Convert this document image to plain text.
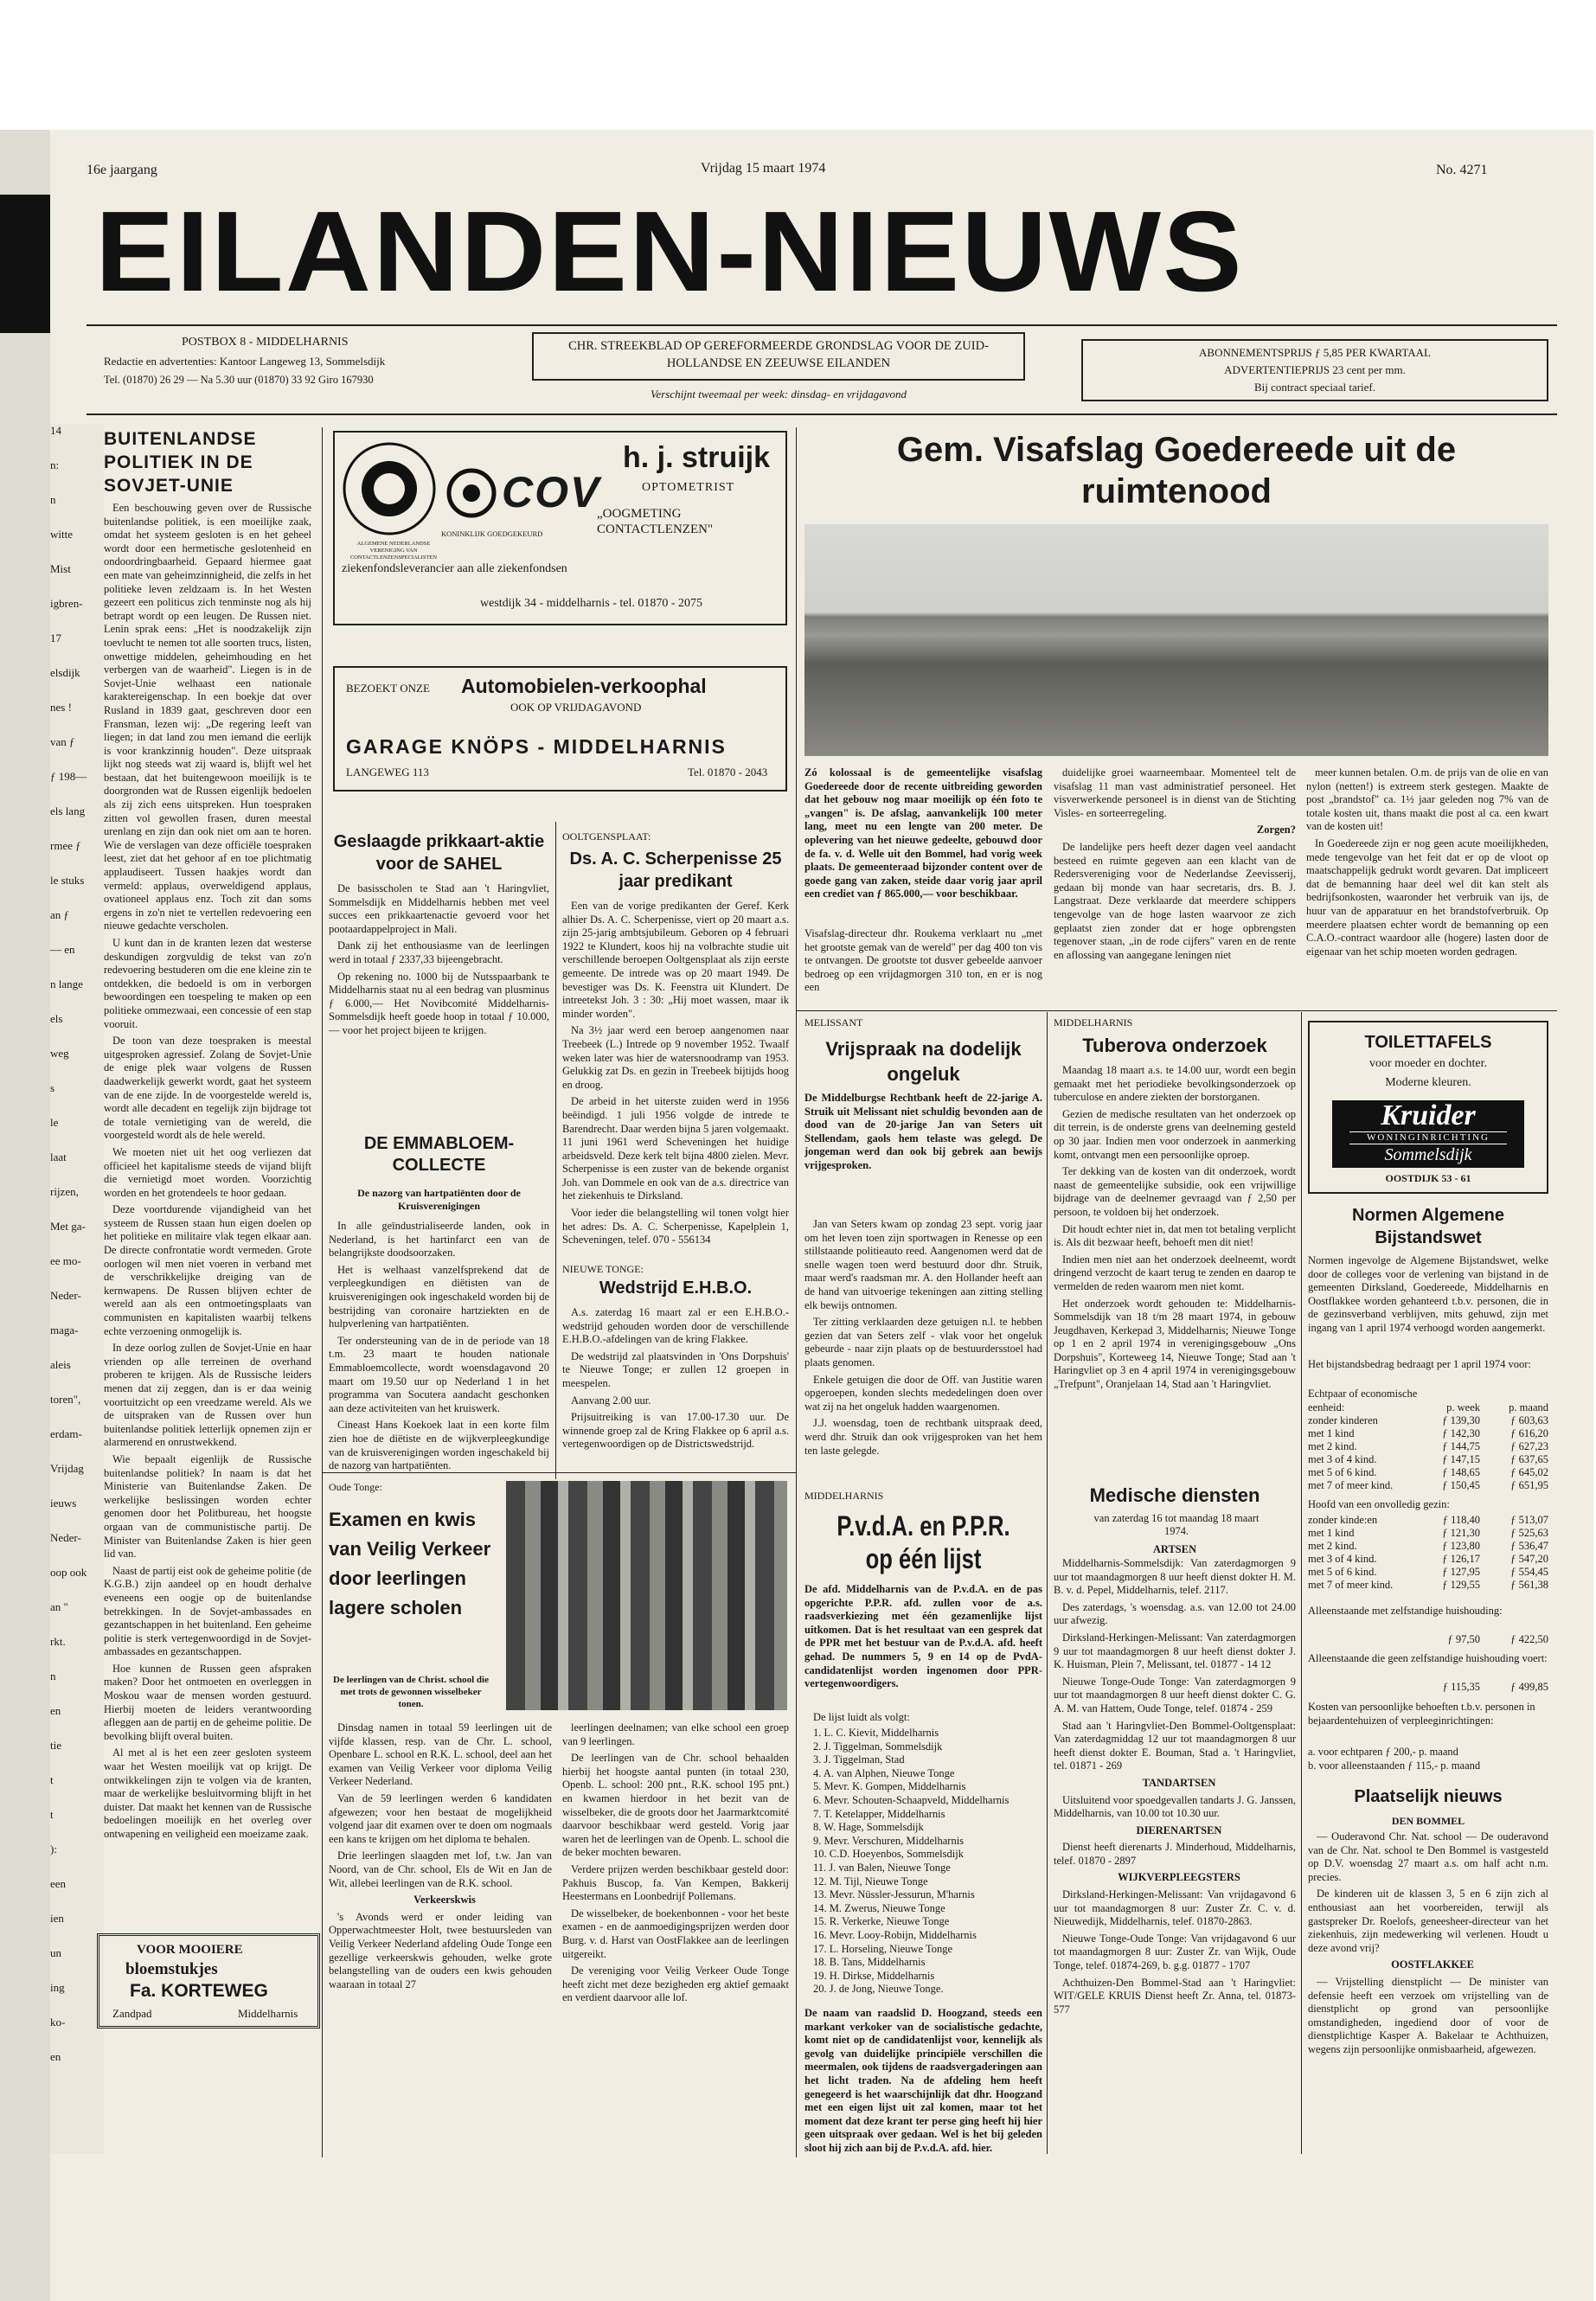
14
n:
n
witte
Mist
igbren-
17
elsdijk
nes !
van ƒ
ƒ 198—
els lang
rmee ƒ
le stuks
an ƒ
— en
n lange
els
weg
s
le
laat
rijzen,
Met ga-
ee mo-
Neder-
maga-
aleis
toren",
erdam-
Vrijdag
ieuws
Neder-
oop ook
an "
rkt.
n
en
tie
t
t
):
een
ien
un
ing
ko-
en
16e jaargang	Vrijdag 15 maart 1974	No. 4271
EILANDEN-NIEUWS
POSTBOX 8 - MIDDELHARNIS
Redactie en advertenties: Kantoor Langeweg 13, Sommelsdijk
Tel. (01870) 26 29 — Na 5.30 uur (01870) 33 92 Giro 167930
CHR. STREEKBLAD OP GEREFORMEERDE GRONDSLAG VOOR DE ZUID-HOLLANDSE EN ZEEUWSE EILANDEN
Verschijnt tweemaal per week: dinsdag- en vrijdagavond
ABONNEMENTSPRIJS ƒ 5,85 PER KWARTAAL
ADVERTENTIEPRIJS 23 cent per mm.
Bij contract speciaal tarief.
BUITENLANDSE POLITIEK IN DE SOVJET-UNIE

Een beschouwing geven over de Russische buitenlandse politiek, is een moeilijke zaak, omdat het systeem gesloten is en het geheel wordt door een hermetische geslotenheid en ondoordringbaarheid. Gepaard hiermee gaat een mate van geheimzinnigheid, die zelfs in het politieke leven zeldzaam is. In het Westen gezeert een politicus zich tenminste nog als hij betrapt wordt op een leugen. De Russen niet. Lenin sprak eens: „Het is noodzakelijk zijn toevlucht te nemen tot alle soorten trucs, listen, onwettige middelen, geheimhouding en het verbergen van de waarheid". Liegen is in de Sovjet-Unie welhaast een nationale karaktereigenschap. In een boekje dat over Rusland in 1839 gaat, geschreven door een Fransman, lezen wij: „De regering leeft van liegen; in dat land zou men iemand die eerlijk is voor krankzinnig houden". Deze uitspraak lijkt nog steeds wat zij waard is, blijft wel het bestaan, dat het buitengewoon moeilijk is te doorgronden wat de Russen eigenlijk bedoelen als zij zich eens uitspreken. Hun toespraken zitten vol gewollen frasen, duren meestal urenlang en zijn dan ook niet om aan te horen. Wie de verslagen van deze officiële toespraken leest, ziet dat het gehoor af en toe plichtmatig applaudiseert. Tussen haakjes wordt dan vermeld: applaus, overweldigend applaus, ovationeel applaus enz. Toch zit dan soms ergens in zo'n niet te vertellen redevoering een nieuwe gedachte verscholen.

U kunt dan in de kranten lezen dat westerse deskundigen zorgvuldig de tekst van zo'n redevoering bestuderen om die ene kleine zin te ontdekken, die bedoeld is om in verborgen bewoordingen een toespeling te maken op een politieke ommezwaai, een concessie of een stap vooruit.

De toon van deze toespraken is meestal uitgesproken agressief. Zolang de Sovjet-Unie de enige plek waar volgens de Russen daadwerkelijk gewerkt wordt, gaat het systeem van de ene zijde. In de voorgestelde wereld is, wordt alle decadent en tegelijk zijn bijdrage tot de totale vernietiging van de wereld, die voorgesteld wordt als de hele wereld.

We moeten niet uit het oog verliezen dat officieel het kapitalisme steeds de vijand blijft die vernietigd moet worden. Voorzichtig worden en het grotendeels te hoor gedaan.

Deze voortdurende vijandigheid van het systeem de Russen staan hun eigen doelen op het politieke en militaire vlak tegen elkaar aan. De directe confrontatie wordt vermeden. Grote oorlogen wil men niet voeren in verband met de verschrikkelijke dreiging van de kernwapens. De Russen blijven echter de wereld aan als een ontmoetingsplaats van communisten en kapitalisten waarbij telkens echte verzoening onmogelijk is.

In deze oorlog zullen de Sovjet-Unie en haar vrienden op alle terreinen de overhand proberen te krijgen. Als de Russische leiders menen dat zij zeggen, dan is er daa weinig voortuitzicht op een vreedzame wereld. Als we de uitspraken van de Russen over hun buitenlandse politiek letterlijk opnemen zijn er alarmerend en onrustwekkend.

Wie bepaalt eigenlijk de Russische buitenlandse politiek? In naam is dat het Ministerie van Buitenlandse Zaken. De werkelijke beslissingen worden echter genomen door het Politbureau, het hoogste orgaan van de communistische partij. De Minister van Buitenlandse Zaken is hier geen lid van.

Naast de partij eist ook de geheime politie (de K.G.B.) zijn aandeel op en houdt derhalve eveneens een oogje op de buitenlandse betrekkingen. In de Sovjet-ambassades en gezantschappen in het buitenland. Een geheime politie is sterk vertegenwoordigd in de Sovjet-ambassades en gezantschappen.

Hoe kunnen de Russen geen afspraken maken? Door het ontmoeten en overleggen in Moskou waar de mensen worden gestuurd. Hierbij moeten de leiders verantwoording afleggen aan de partij en de geheime politie. De bevolking blijft overal buiten.

Al met al is het een zeer gesloten systeem waar het Westen moeilijk vat op krijgt. De ontwikkelingen zijn te volgen via de kranten, maar de werkelijke besluitvorming blijft in het duister. Dat maakt het kennen van de Russische bedoelingen moeilijk en het overleg over ontwapening en veiligheid een moeizame zaak.

VOOR MOOIERE
bloemstukjes
Fa. KORTEWEG
Zandpad	Middelharnis
ALGEMENE NEDERLANDSE VERENIGING VAN CONTACTLENZENSPECIALISTEN
COV
KONINKLIJK GOEDGEKEURD
h. j. struijk
OPTOMETRIST
„OOGMETING CONTACTLENZEN"
ziekenfondsleverancier aan alle ziekenfondsen
westdijk 34 - middelharnis - tel. 01870 - 2075
BEZOEKT ONZE Automobielen-verkoophal
OOK OP VRIJDAGAVOND
GARAGE KNÖPS - MIDDELHARNIS
LANGEWEG 113	Tel. 01870 - 2043
Geslaagde prikkaart-aktie voor de SAHEL

De basisscholen te Stad aan 't Haringvliet, Sommelsdijk en Middelharnis hebben met veel succes een prikkaartenactie gevoerd voor het pootaardappelproject in Mali.

Dank zij het enthousiasme van de leerlingen werd in totaal ƒ 2337,33 bijeengebracht.

Op rekening no. 1000 bij de Nutsspaarbank te Middelharnis staat nu al een bedrag van plusminus ƒ 6.000,— Het Novibcomité Middelharnis-Sommelsdijk heeft goede hoop in totaal ƒ 10.000,— voor het project bijeen te krijgen.

DE EMMABLOEM-COLLECTE
De nazorg van hartpatiënten door de Kruisverenigingen

In alle geïndustrialiseerde landen, ook in Nederland, is het hartinfarct een van de belangrijkste doodsoorzaken.

Het is welhaast vanzelfsprekend dat de verpleegkundigen en diëtisten van de kruisverenigingen ook ingeschakeld worden bij de bestrijding van coronaire hartziekten en de hulpverlening van hartpatiënten.

Ter ondersteuning van de in de periode van 18 t.m. 23 maart te houden nationale Emmabloemcollecte, wordt woensdagavond 20 maart om 19.50 uur op Nederland 1 in het programma van Socutera aandacht geschonken aan deze activiteiten van het kruiswerk.

Cineast Hans Koekoek laat in een korte film zien hoe de diëtiste en de wijkverpleegkundige van de kruisverenigingen worden ingeschakeld bij de nazorg van hartpatiënten.

OOLTGENSPLAAT:
Ds. A. C. Scherpenisse 25 jaar predikant

Een van de vorige predikanten der Geref. Kerk alhier Ds. A. C. Scherpenisse, viert op 20 maart a.s. zijn 25-jarig ambtsjubileum. Geboren op 4 februari 1922 te Klundert, koos hij na volbrachte studie uit verschillende beroepen Ooltgensplaat als zijn eerste gemeente. De intrede was op 20 maart 1949. De bevestiger was Ds. K. Feenstra uit Klundert. De intreetekst Joh. 3 : 30: „Hij moet wassen, maar ik minder worden".

Na 3½ jaar werd een beroep aangenomen naar Treebeek (L.) Intrede op 9 november 1952. Twaalf weken later was hier de watersnoodramp van 1953. Gelukkig zat Ds. en gezin in Treebeek bijtijds hoog en droog.

De arbeid in het uiterste zuiden werd in 1956 beëindigd. 1 juli 1956 volgde de intrede te Barendrecht. Daar werden bijna 5 jaren volgemaakt. 11 juni 1961 werd Scheveningen het huidige arbeidsveld. Deze kerk telt bijna 4800 zielen. Mevr. Scherpenisse is een zuster van de bekende organist Joh. van Dommele en ook van de a.s. directrice van het ziekenhuis te Dirksland.

Voor ieder die belangstelling wil tonen volgt hier het adres: Ds. A. C. Scherpenisse, Kapelplein 1, Scheveningen, telef. 070 - 556134

NIEUWE TONGE:
Wedstrijd E.H.B.O.

A.s. zaterdag 16 maart zal er een E.H.B.O.-wedstrijd gehouden worden door de verschillende E.H.B.O.-afdelingen van de kring Flakkee.

De wedstrijd zal plaatsvinden in 'Ons Dorpshuis' te Nieuwe Tonge; er zullen 12 groepen in meespelen.

Aanvang 2.00 uur.

Prijsuitreiking is van 17.00-17.30 uur. De winnende groep zal de Kring Flakkee op 6 april a.s. vertegenwoordigen op de Districtswedstrijd.

Oude Tonge:
Examen en kwis van Veilig Verkeer door leerlingen lagere scholen
De leerlingen van de Christ. school die met trots de gewonnen wisselbeker tonen.

Dinsdag namen in totaal 59 leerlingen uit de vijfde klassen, resp. van de Chr. L. school, Openbare L. school en R.K. L. school, deel aan het examen van Veilig Verkeer voor diploma Veilig Verkeer Nederland.

Van de 59 leerlingen werden 6 kandidaten afgewezen; voor hen bestaat de mogelijkheid volgend jaar dit examen over te doen om nogmaals een kans te krijgen om het diploma te behalen.

Drie leerlingen slaagden met lof, t.w. Jan van Noord, van de Chr. school, Els de Wit en Jan de Wit, allebei leerlingen van de R.K. school.

Verkeerskwis

's Avonds werd er onder leiding van Opperwachtmeester Holt, twee bestuursleden van Veilig Verkeer Nederland afdeling Oude Tonge een gezellige verkeerskwis gehouden, welke grote belangstelling van de ouders een kwis gehouden waaraan in totaal 27

leerlingen deelnamen; van elke school een groep van 9 leerlingen.

De leerlingen van de Chr. school behaalden hierbij het hoogste aantal punten (in totaal 230, Openb. L. school: 200 pnt., R.K. school 195 pnt.) en kwamen hierdoor in het bezit van de wisselbeker, die de groots door het Jaarmarktcomité daarvoor beschikbaar werd gesteld. Vorig jaar waren het de leerlingen van de Openb. L. school die de beker mochten bewaren.

Verdere prijzen werden beschikbaar gesteld door: Pakhuis Buscop, fa. Van Kempen, Bakkerij Heestermans en Loonbedrijf Pollemans.

De wisselbeker, de boekenbonnen - voor het beste examen - en de aanmoedigingsprijzen werden door Burg. v. d. Harst van OostFlakkee aan de leerlingen uitgereikt.

De vereniging voor Veilig Verkeer Oude Tonge heeft zicht met deze bezigheden erg aktief gemaakt en verdient daarvoor alle lof.

Gem. Visafslag Goedereede uit de ruimtenood
Zó kolossaal is de gemeentelijke visafslag Goedereede door de recente uitbreiding geworden dat het gebouw nog maar moeilijk op één foto te „vangen" is. De afslag, aanvankelijk 100 meter lang, meet nu een lengte van 200 meter. De oplevering van het nieuwe gedeelte, gebouwd door de fa. v. d. Welle uit den Bommel, had vorig week plaats. De gemeenteraad bijzonder content over de goede gang van zaken, steide daar vorig jaar april een crediet van ƒ 865.000,— voor beschikbaar.
Visafslag-directeur dhr. Roukema verklaart nu „met het grootste gemak van de wereld" per dag 400 ton vis te ontvangen. De grootste tot dusver gebeelde aanvoer bedroeg op een vrijdagmorgen 310 ton, en er is nog een

duidelijke groei waarneembaar. Momenteel telt de visafslag 11 man vast administratief personeel. Het visverwerkende personeel is in dienst van de Stichting Visles- en sorteerregeling.

Zorgen?

De landelijke pers heeft dezer dagen veel aandacht besteed en ruimte gegeven aan een klacht van de Redersvereniging voor de Nederlandse Zeevisserij, gedaan bij monde van haar secretaris, drs. B. J. Langstraat. Deze verklaarde dat meerdere schippers tengevolge van de hoge lasten waarvoor ze zich geplaatst zien zonder dat er hoge opbrengsten tegenover staan, „in de rode cijfers" varen en de rente en aflossing van aangegane leningen niet

meer kunnen betalen. O.m. de prijs van de olie en van nylon (netten!) is extreem sterk gestegen. Maakte de post „brandstof" ca. 1½ jaar geleden nog 7% van de totale kosten uit, thans maakt die post al ca. een kwart van de kosten uit!

In Goedereede zijn er nog geen acute moeilijkheden, mede tengevolge van het feit dat er op de vloot op maatschappelijk gedrukt wordt gevaren. Dat impliceert dat de bemanning haar deel wel dit kan stelt als bedrijfsonkosten, waaronder het verbruik van ijs, de huur van de apparatuur en het brandstofverbruik. Op meerdere plaatsen echter wordt de bemanning op een C.A.O.-contract waardoor alle (hogere) lasten door de eigenaar van het schip moeten worden gedragen.

MELISSANT
Vrijspraak na dodelijk ongeluk
De Middelburgse Rechtbank heeft de 22-jarige A. Struik uit Melissant niet schuldig bevonden aan de dood van de 20-jarige Jan van Seters uit Stellendam, gaols hem telaste was gelegd. De jongeman werd dan ook bij gebrek aan bewijs vrijgesproken.

Jan van Seters kwam op zondag 23 sept. vorig jaar om het leven toen zijn sportwagen in Renesse op een stillstaande politieauto reed. Aangenomen werd dat de snelle wagen toen werd bestuurd door dhr. Struik, maar werd's raadsman mr. A. den Hollander heeft aan de hand van uitvoerige tekeningen aan zitting stelling elk bewijs ontnomen.

Ter zitting verklaarden deze getuigen n.l. te hebben gezien dat van Seters zelf - vlak voor het ongeluk gebeurde - naar zijn plaats op de bestuurdersstoel had plaats genomen.

Enkele getuigen die door de Off. van Justitie waren opgeroepen, konden slechts mededelingen doen over wat zij na het ongeluk hadden waargenomen.

J.J. woensdag, toen de rechtbank uitspraak deed, werd dhr. Struik dan ook vrijgesproken van het hem ten laste gelegde.

MIDDELHARNIS
P.v.d.A. en P.P.R. op één lijst
De afd. Middelharnis van de P.v.d.A. en de pas opgerichte P.P.R. afd. zullen voor de a.s. raadsverkiezing met één gezamenlijke lijst uitkomen. Dat is het resultaat van een gesprek dat de PPR met het bestuur van de P.v.d.A. afd. heeft gehad. De nummers 5, 9 en 14 op de PvdA-candidatenlijst worden ingenomen door PPR-vertegenwoordigers.
De lijst luidt als volgt:
1. L. C. Kievit, Middelharnis
2. J. Tiggelman, Sommelsdijk
3. J. Tiggelman, Stad
4. A. van Alphen, Nieuwe Tonge
5. Mevr. K. Gompen, Middelharnis
6. Mevr. Schouten-Schaapveld, Middelharnis
7. T. Ketelapper, Middelharnis
8. W. Hage, Sommelsdijk
9. Mevr. Verschuren, Middelharnis
10. C.D. Hoeyenbos, Sommelsdijk
11. J. van Balen, Nieuwe Tonge
12. M. Tijl, Nieuwe Tonge
13. Mevr. Nüssler-Jessurun, M'harnis
14. M. Zwerus, Nieuwe Tonge
15. R. Verkerke, Nieuwe Tonge
16. Mevr. Looy-Robijn, Middelharnis
17. L. Horseling, Nieuwe Tonge
18. B. Tans, Middelharnis
19. H. Dirkse, Middelharnis
20. J. de Jong, Nieuwe Tonge.
De naam van raadslid D. Hoogzand, steeds een markant verkoker van de socialistische gedachte, komt niet op de candidatenlijst voor, kennelijk als gevolg van duidelijke principiële verschillen die meermalen, ook tijdens de raadsvergaderingen aan het licht traden. Na de afdeling hem heeft genegeerd is het waarschijnlijk dat dhr. Hoogzand met een eigen lijst uit zal komen, maar tot het moment dat deze krant ter perse ging heeft hij hier geen uitspraak over gedaan. Wel is het bij geleden sloot hij zich aan bij de P.v.d.A. afd. hier.
MIDDELHARNIS
Tuberova onderzoek

Maandag 18 maart a.s. te 14.00 uur, wordt een begin gemaakt met het periodieke bevolkingsonderzoek op tuberculose en andere ziekten der borstorganen.

Gezien de medische resultaten van het onderzoek op dit terrein, is de onderste grens van deelneming gesteld op 30 jaar. Indien men voor onderzoek in aanmerking komt, ontvangt men een persoonlijke oproep.

Ter dekking van de kosten van dit onderzoek, wordt naast de gemeentelijke subsidie, ook een vrijwillige bijdrage van de deelnemer gevraagd van ƒ 2,50 per persoon, te voldoen bij het onderzoek.

Dit houdt echter niet in, dat men tot betaling verplicht is. Als dit bezwaar heeft, behoeft men dit niet!

Indien men niet aan het onderzoek deelneemt, wordt dringend verzocht de kaart terug te zenden en daarop te vermelden de reden waarom men niet komt.

Het onderzoek wordt gehouden te: Middelharnis-Sommelsdijk van 18 t/m 28 maart 1974, in gebouw Jeugdhaven, Kerkepad 3, Middelharnis; Nieuwe Tonge op 1 en 2 april 1974 in verenigingsgebouw „Ons Dorpshuis", Korteweeg 14, Nieuwe Tonge; Stad aan 't Haringvliet op 3 en 4 april 1974 in verenigingsgebouw „Trefpunt", Oranjelaan 14, Stad aan 't Haringvliet.

Medische diensten
van zaterdag 16 tot maandag 18 maart 1974.
ARTSEN

Middelharnis-Sommelsdijk: Van zaterdagmorgen 9 uur tot maandagmorgen 8 uur heeft dienst dokter H. M. B. v. d. Pepel, Middelharnis, telef. 2117.

Des zaterdags, 's woensdag. a.s. van 12.00 tot 24.00 uur afwezig.

Dirksland-Herkingen-Melissant: Van zaterdagmorgen 9 uur tot maandagmorgen 8 uur heeft dienst dokter J. K. Huisman, Plein 7, Melissant, tel. 01877 - 14 12

Nieuwe Tonge-Oude Tonge: Van zaterdagmorgen 9 uur tot maandagmorgen 8 uur heeft dienst dokter C. G. A. M. van Hattem, Oude Tonge, telef. 01874 - 259

Stad aan 't Haringvliet-Den Bommel-Ooltgensplaat: Van zaterdagmiddag 12 uur tot maandagmorgen 8 uur heeft dienst dokter E. Bouman, Stad a. 't Haringvliet, tel. 01871 - 269

TANDARTSEN

Uitsluitend voor spoedgevallen tandarts J. G. Janssen, Middelharnis, van 10.00 tot 10.30 uur.

DIERENARTSEN

Dienst heeft dierenarts J. Minderhoud, Middelharnis, telef. 01870 - 2897

WIJKVERPLEEGSTERS

Dirksland-Herkingen-Melissant: Van vrijdagavond 6 uur tot maandagmorgen 8 uur: Zuster Zr. C. v. d. Nieuwedijk, Middelharnis, telef. 01870-2863.

Nieuwe Tonge-Oude Tonge: Van vrijdagavond 6 uur tot maandagmorgen 8 uur: Zuster Zr. van Wijk, Oude Tonge, telef. 01874-269, b. g.g. 01877 - 1707

Achthuizen-Den Bommel-Stad aan 't Haringvliet: WIT/GELE KRUIS Dienst heeft Zr. Anna, tel. 01873-577

TOILETTAFELS
voor moeder en dochter.
Moderne kleuren.
Kruider
WONINGINRICHTING
Sommelsdijk
OOSTDIJK 53 - 61
Normen Algemene Bijstandswet
Normen ingevolge de Algemene Bijstandswet, welke door de colleges voor de verlening van bijstand in de gemeenten Dirksland, Goedereede, Middelharnis en Oostflakkee worden gehanteerd t.b.v. personen, die in de gezinsverband verblijven, mits gehuwd, zijn met ingang van 1 april 1974 verhoogd worden aangemerkt.
Het bijstandsbedrag bedraagt per 1 april 1974 voor:
Echtpaar of economische eenheid:	p. week	p. maand
zonder kinderen	ƒ 139,30	ƒ 603,63
met 1 kind	ƒ 142,30	ƒ 616,20
met 2 kind.	ƒ 144,75	ƒ 627,23
met 3 of 4 kind.	ƒ 147,15	ƒ 637,65
met 5 of 6 kind.	ƒ 148,65	ƒ 645,02
met 7 of meer kind.	ƒ 150,45	ƒ 651,95
Hoofd van een onvolledig gezin:
zonder kinde:en	ƒ 118,40	ƒ 513,07
met 1 kind	ƒ 121,30	ƒ 525,63
met 2 kind.	ƒ 123,80	ƒ 536,47
met 3 of 4 kind.	ƒ 126,17	ƒ 547,20
met 5 of 6 kind.	ƒ 127,95	ƒ 554,45
met 7 of meer kind.	ƒ 129,55	ƒ 561,38
Alleenstaande met zelfstandige huishouding:
ƒ 97,50	ƒ 422,50
Alleenstaande die geen zelfstandige huishouding voert:
ƒ 115,35	ƒ 499,85
Kosten van persoonlijke behoeften t.b.v. personen in bejaardentehuizen of verpleeginrichtingen:
a. voor echtparen ƒ 200,- p. maand
b. voor alleenstaanden ƒ 115,- p. maand
Plaatselijk nieuws
DEN BOMMEL

— Ouderavond Chr. Nat. school — De ouderavond van de Chr. Nat. school te Den Bommel is vastgesteld op D.V. woensdag 27 maart a.s. om half acht n.m. precies.

De kinderen uit de klassen 3, 5 en 6 zijn zich al enthousiast aan het voorbereiden, terwijl als gastspreker Dr. Roelofs, geneesheer-directeur van het ziekenhuis, zijn medewerking wil verlenen. Houdt u deze avond vrij?

OOSTFLAKKEE

— Vrijstelling dienstplicht — De minister van defensie heeft een verzoek om vrijstelling van de dienstplicht op grond van persoonlijke omstandigheden, ingediend door of voor de dienstplichtige Kasper A. Bakelaar te Achthuizen, wegens zijn persoonlijke onmisbaarheid, afgewezen.
